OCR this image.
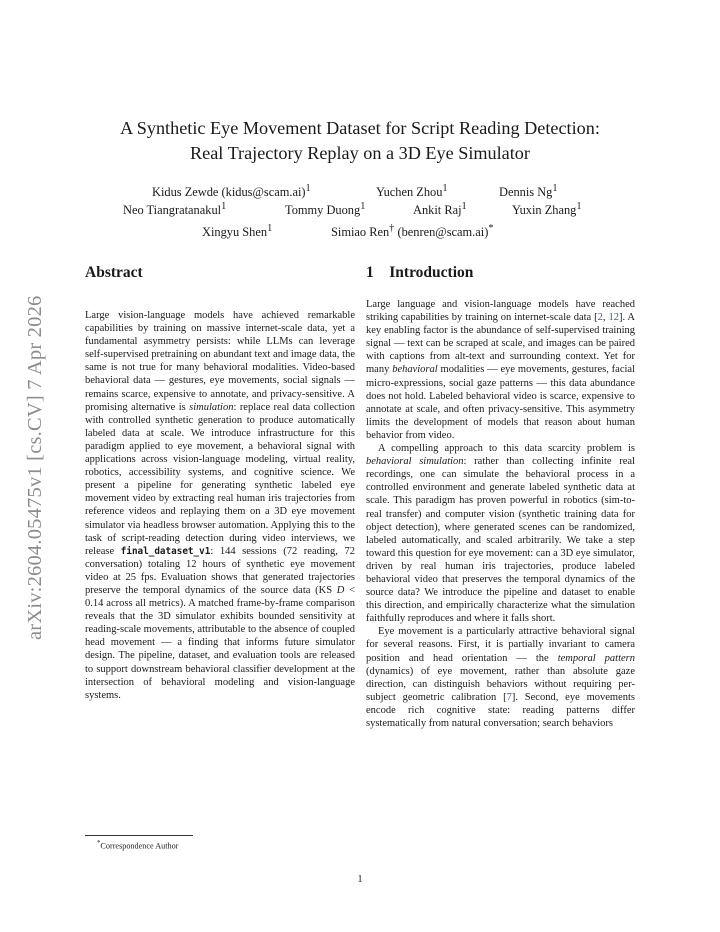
arXiv:2604.05475v1 [cs.CV] 7 Apr 2026
A Synthetic Eye Movement Dataset for Script Reading Detection:
Real Trajectory Replay on a 3D Eye Simulator
Kidus Zewde (kidus@scam.ai)$^1$	Yuchen Zhou$^1$	Dennis Ng$^1$
Neo Tiangratanakul$^1$	Tommy Duong$^1$	Ankit Raj$^1$	Yuxin Zhang$^1$
Xingyu Shen$^1$	Simiao Ren† (benren@scam.ai)*
Abstract

Large vision-language models have achieved remarkable capabilities by training on massive internet-scale data, yet a fundamental asymmetry persists: while LLMs can leverage self-supervised pretraining on abundant text and image data, the same is not true for many behavioral modalities. Video-based behavioral data — gestures, eye movements, social signals — remains scarce, expensive to annotate, and privacy-sensitive. A promising alternative is simulation: replace real data collection with controlled synthetic generation to produce automatically labeled data at scale. We introduce infrastructure for this paradigm applied to eye movement, a behavioral signal with applications across vision-language modeling, virtual reality, robotics, accessibility systems, and cognitive science. We present a pipeline for generating synthetic labeled eye movement video by extracting real human iris trajectories from reference videos and replaying them on a 3D eye movement simulator via headless browser automation. Applying this to the task of script-reading detection during video interviews, we release final_dataset_v1: 144 sessions (72 reading, 72 conversation) totaling 12 hours of synthetic eye movement video at 25 fps. Evaluation shows that generated trajectories preserve the temporal dynamics of the source data (KS D < 0.14 across all metrics). A matched frame-by-frame comparison reveals that the 3D simulator exhibits bounded sensitivity at reading-scale movements, attributable to the absence of coupled head movement — a finding that informs future simulator design. The pipeline, dataset, and evaluation tools are released to support downstream behavioral classifier development at the intersection of behavioral modeling and vision-language systems.

1 Introduction

Large language and vision-language models have reached striking capabilities by training on internet-scale data [2, 12]. A key enabling factor is the abundance of self-supervised training signal — text can be scraped at scale, and images can be paired with captions from alt-text and surrounding context. Yet for many behavioral modalities — eye movements, gestures, facial micro-expressions, social gaze patterns — this data abundance does not hold. Labeled behavioral video is scarce, expensive to annotate at scale, and often privacy-sensitive. This asymmetry limits the development of models that reason about human behavior from video.

A compelling approach to this data scarcity problem is behavioral simulation: rather than collecting infinite real recordings, one can simulate the behavioral process in a controlled environment and generate labeled synthetic data at scale. This paradigm has proven powerful in robotics (sim-to-real transfer) and computer vision (synthetic training data for object detection), where generated scenes can be randomized, labeled automatically, and scaled arbitrarily. We take a step toward this question for eye movement: can a 3D eye simulator, driven by real human iris trajectories, produce labeled behavioral video that preserves the temporal dynamics of the source data? We introduce the pipeline and dataset to enable this direction, and empirically characterize what the simulation faithfully reproduces and where it falls short.

Eye movement is a particularly attractive behavioral signal for several reasons. First, it is partially invariant to camera position and head orientation — the temporal pattern (dynamics) of eye movement, rather than absolute gaze direction, can distinguish behaviors without requiring per-subject geometric calibration [7]. Second, eye movements encode rich cognitive state: reading patterns differ systematically from natural conversation; search behaviors

*Correspondence Author
1
